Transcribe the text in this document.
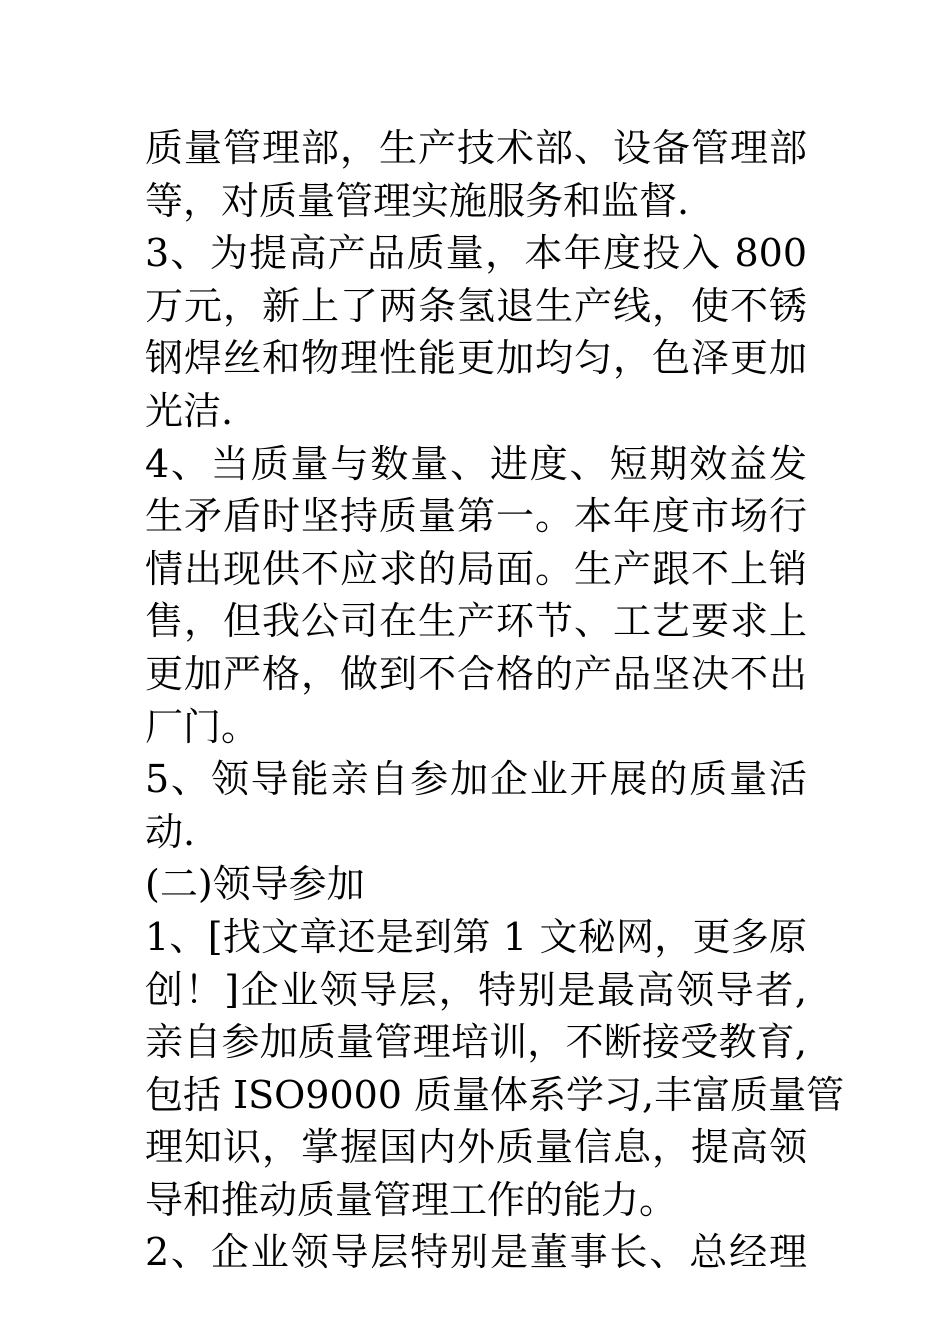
质量管理部，生产技术部、设备管理部
等，对质量管理实施服务和监督.
3、为提高产品质量，本年度投入 800
万元，新上了两条氢退生产线，使不锈
钢焊丝和物理性能更加均匀，色泽更加
光洁.
4、当质量与数量、进度、短期效益发
生矛盾时坚持质量第一。本年度市场行
情出现供不应求的局面。生产跟不上销
售，但我公司在生产环节、工艺要求上
更加严格，做到不合格的产品坚决不出
厂门。
5、领导能亲自参加企业开展的质量活
动.
(二)领导参加
1、[找文章还是到第 1 文秘网，更多原
创！]企业领导层，特别是最高领导者,
亲自参加质量管理培训，不断接受教育,
包括 ISO9000 质量体系学习,丰富质量管
理知识，掌握国内外质量信息，提高领
导和推动质量管理工作的能力。
2、企业领导层特别是董事长、总经理
